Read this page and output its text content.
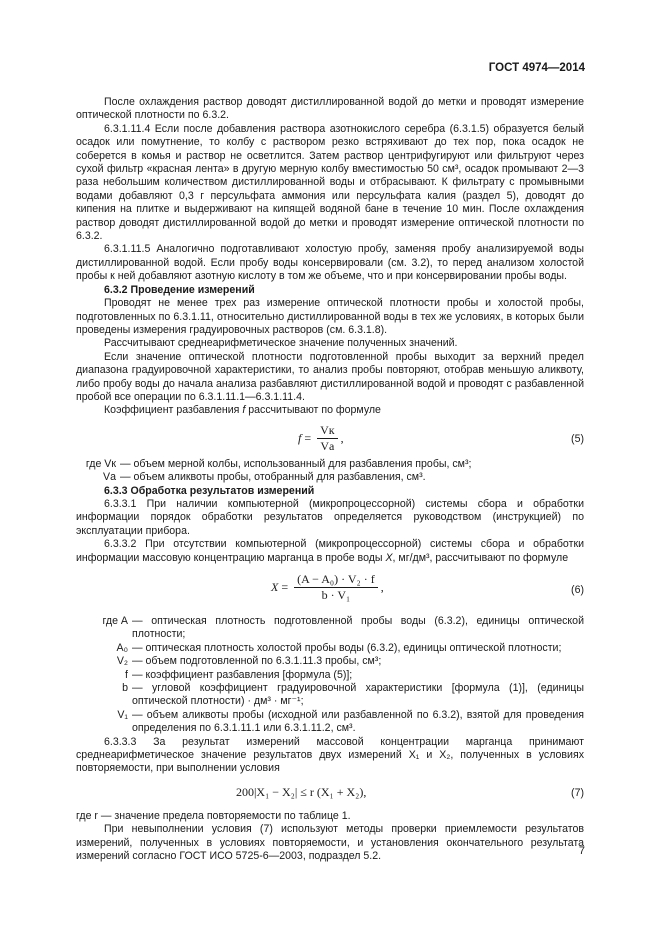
ГОСТ 4974—2014

После охлаждения раствор доводят дистиллированной водой до метки и проводят измерение оптической плотности по 6.3.2.

6.3.1.11.4 Если после добавления раствора азотнокислого серебра (6.3.1.5) образуется белый осадок или помутнение, то колбу с раствором резко встряхивают до тех пор, пока осадок не соберется в комья и раствор не осветлится. Затем раствор центрифугируют или фильтруют через сухой фильтр «красная лента» в другую мерную колбу вместимостью 50 см³, осадок промывают 2—3 раза небольшим количеством дистиллированной воды и отбрасывают. К фильтрату с промывными водами добавляют 0,3 г персульфата аммония или персульфата калия (раздел 5), доводят до кипения на плитке и выдерживают на кипящей водяной бане в течение 10 мин. После охлаждения раствор доводят дистиллированной водой до метки и проводят измерение оптической плотности по 6.3.2.

6.3.1.11.5 Аналогично подготавливают холостую пробу, заменяя пробу анализируемой воды дистиллированной водой. Если пробу воды консервировали (см. 3.2), то перед анализом холостой пробы к ней добавляют азотную кислоту в том же объеме, что и при консервировании пробы воды.

6.3.2 Проведение измерений

Проводят не менее трех раз измерение оптической плотности пробы и холостой пробы, подготовленных по 6.3.1.11, относительно дистиллированной воды в тех же условиях, в которых были проведены измерения градуировочных растворов (см. 6.3.1.8).

Рассчитывают среднеарифметическое значение полученных значений.

Если значение оптической плотности подготовленной пробы выходит за верхний предел диапазона градуировочной характеристики, то анализ пробы повторяют, отобрав меньшую аликвоту, либо пробу воды до начала анализа разбавляют дистиллированной водой и проводят с разбавленной пробой все операции по 6.3.1.11.1—6.3.1.11.4.

Коэффициент разбавления f рассчитывают по формуле

$f = \frac{Vк}{Vа}$ ,	(5)
где Vк — объем мерной колбы, использованный для разбавления пробы, см³;
Vа — объем аликвоты пробы, отобранный для разбавления, см³.

6.3.3 Обработка результатов измерений

6.3.3.1 При наличии компьютерной (микропроцессорной) системы сбора и обработки информации порядок обработки результатов определяется руководством (инструкцией) по эксплуатации прибора.

6.3.3.2 При отсутствии компьютерной (микропроцессорной) системы сбора и обработки информации массовую концентрацию марганца в пробе воды X, мг/дм³, рассчитывают по формуле

$X = \frac{\text{(A − A₀) · V₂ · f}}{\text{b · V₁}}$ ,	(6)
где A — оптическая плотность подготовленной пробы воды (6.3.2), единицы оптической плотности;
A₀ — оптическая плотность холостой пробы воды (6.3.2), единицы оптической плотности;
V₂ — объем подготовленной по 6.3.1.11.3 пробы, см³;
f — коэффициент разбавления [формула (5)];
b — угловой коэффициент градуировочной характеристики [формула (1)], (единицы оптической плотности) · дм³ · мг⁻¹;
V₁ — объем аликвоты пробы (исходной или разбавленной по 6.3.2), взятой для проведения определения по 6.3.1.11.1 или 6.3.1.11.2, см³.

6.3.3.3 За результат измерений массовой концентрации марганца принимают среднеарифметическое значение результатов двух измерений X₁ и X₂, полученных в условиях повторяемости, при выполнении условия

200|X₁ − X₂| ≤ r (X₁ + X₂),	(7)

где r — значение предела повторяемости по таблице 1.

При невыполнении условия (7) используют методы проверки приемлемости результатов измерений, полученных в условиях повторяемости, и установления окончательного результата измерений согласно ГОСТ ИСО 5725-6—2003, подраздел 5.2.	7
